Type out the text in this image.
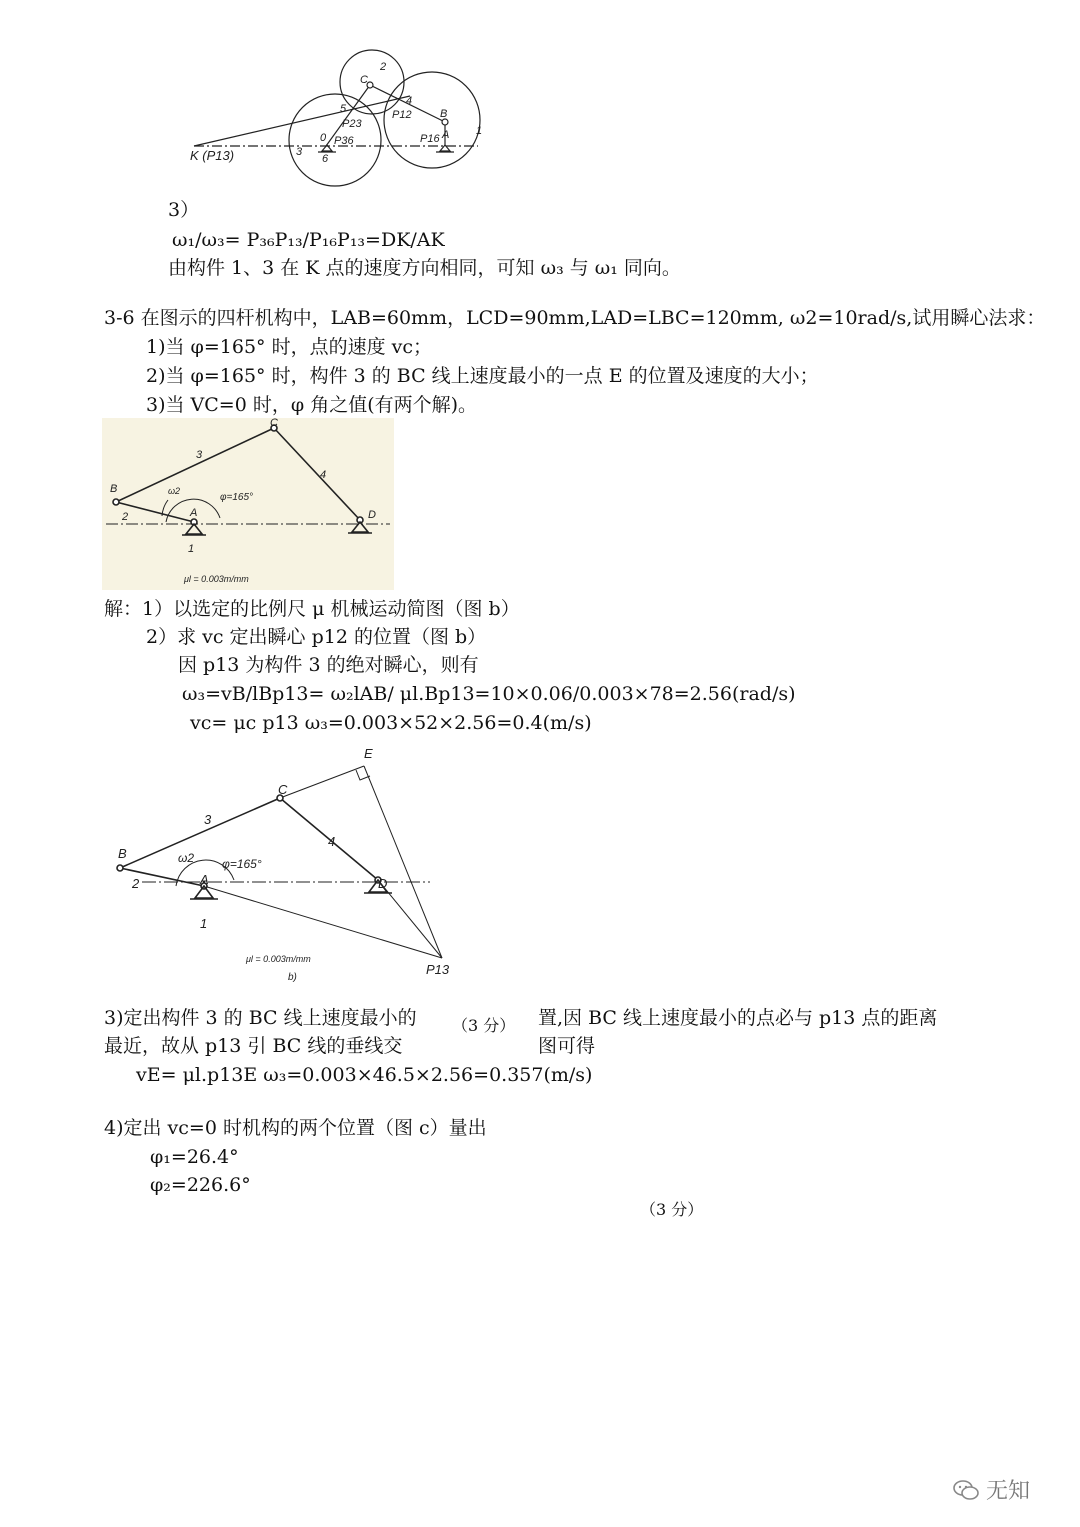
C
2
5
4
P12	B
P23
0 P36
6
P16 A 1
3
K (P13)
3）
ω₁/ω₃= P₃₆P₁₃/P₁₆P₁₃=DK/AK
由构件 1、3 在 K 点的速度方向相同，可知 ω₃ 与 ω₁ 同向。
3-6 在图示的四杆机构中，LAB=60mm，LCD=90mm,LAD=LBC=120mm, ω2=10rad/s,试用瞬心法求：
1)当 φ=165° 时，点的速度 vc；
2)当 φ=165° 时，构件 3 的 BC 线上速度最小的一点 E 的位置及速度的大小；
3)当 VC=0 时，φ 角之值(有两个解)。
C
3
4
B	ω2
φ=165°
2	A	D
1
μl = 0.003m/mm
解：1）以选定的比例尺 μ 机械运动简图（图 b）
2）求 vc 定出瞬心 p12 的位置（图 b）
因 p13 为构件 3 的绝对瞬心，则有
ω₃=vB/lBp13= ω₂lAB/ μl.Bp13=10×0.06/0.003×78=2.56(rad/s)
vc= μc p13 ω₃=0.003×52×2.56=0.4(m/s)
E
C
3
4
B	ω2 φ=165°
2	A	D
1
μl = 0.003m/mm
b)
P13
3)定出构件 3 的 BC 线上速度最小的 （3 分） 置,因 BC 线上速度最小的点必与 p13 点的距离
最近，故从 p13 引 BC 线的垂线交	图可得
vE= μl.p13E ω₃=0.003×46.5×2.56=0.357(m/s)
4)定出 vc=0 时机构的两个位置（图 c）量出
φ₁=26.4°
φ₂=226.6°
（3 分）
无知
